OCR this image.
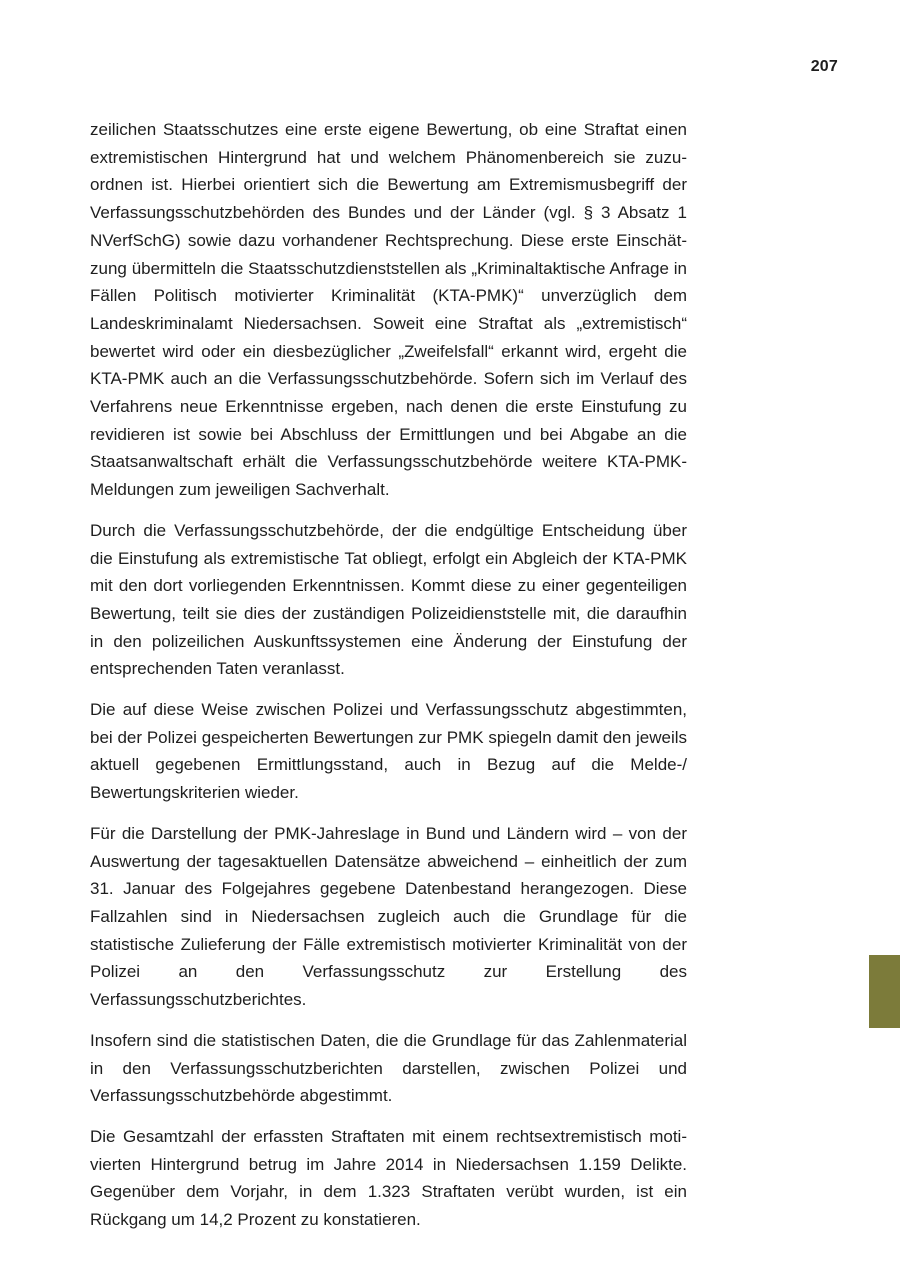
207

zeilichen Staatsschutzes eine erste eigene Bewertung, ob eine Straftat einen extremistischen Hintergrund hat und welchem Phänomenbereich sie zuzuordnen ist. Hierbei orientiert sich die Bewertung am Extremismusbegriff der Verfassungsschutzbehörden des Bundes und der Länder (vgl. § 3 Absatz 1 NVerfSchG) sowie dazu vorhandener Rechtsprechung. Diese erste Einschätzung übermitteln die Staatsschutzdienststellen als „Kriminaltaktische Anfrage in Fällen Politisch motivierter Kriminalität (KTA-PMK)“ unverzüglich dem Landeskriminalamt Niedersachsen. Soweit eine Straftat als „extremistisch“ bewertet wird oder ein diesbezüglicher „Zweifelsfall“ erkannt wird, ergeht die KTA-PMK auch an die Verfassungsschutzbehörde. Sofern sich im Verlauf des Verfahrens neue Erkenntnisse ergeben, nach denen die erste Einstufung zu revidieren ist sowie bei Abschluss der Ermittlungen und bei Abgabe an die Staatsanwaltschaft erhält die Verfassungsschutzbehörde weitere KTA-PMK-Meldungen zum jeweiligen Sachverhalt.

Durch die Verfassungsschutzbehörde, der die endgültige Entscheidung über die Einstufung als extremistische Tat obliegt, erfolgt ein Abgleich der KTA-PMK mit den dort vorliegenden Erkenntnissen. Kommt diese zu einer gegenteiligen Bewertung, teilt sie dies der zuständigen Polizeidienststelle mit, die daraufhin in den polizeilichen Auskunftssystemen eine Änderung der Einstufung der entsprechenden Taten veranlasst.

Die auf diese Weise zwischen Polizei und Verfassungsschutz abgestimmten, bei der Polizei gespeicherten Bewertungen zur PMK spiegeln damit den jeweils aktuell gegebenen Ermittlungsstand, auch in Bezug auf die Melde-/ Bewertungskriterien wieder.

Für die Darstellung der PMK-Jahreslage in Bund und Ländern wird – von der Auswertung der tagesaktuellen Datensätze abweichend – einheitlich der zum 31. Januar des Folgejahres gegebene Datenbestand herangezogen. Diese Fallzahlen sind in Niedersachsen zugleich auch die Grundlage für die statistische Zulieferung der Fälle extremistisch motivierter Kriminalität von der Polizei an den Verfassungsschutz zur Erstellung des Verfassungsschutzberichtes.

Insofern sind die statistischen Daten, die die Grundlage für das Zahlenmaterial in den Verfassungsschutzberichten darstellen, zwischen Polizei und Verfassungsschutzbehörde abgestimmt.

Die Gesamtzahl der erfassten Straftaten mit einem rechtsextremistisch motivierten Hintergrund betrug im Jahre 2014 in Niedersachsen 1.159 Delikte. Gegenüber dem Vorjahr, in dem 1.323 Straftaten verübt wurden, ist ein Rückgang um 14,2 Prozent zu konstatieren.
